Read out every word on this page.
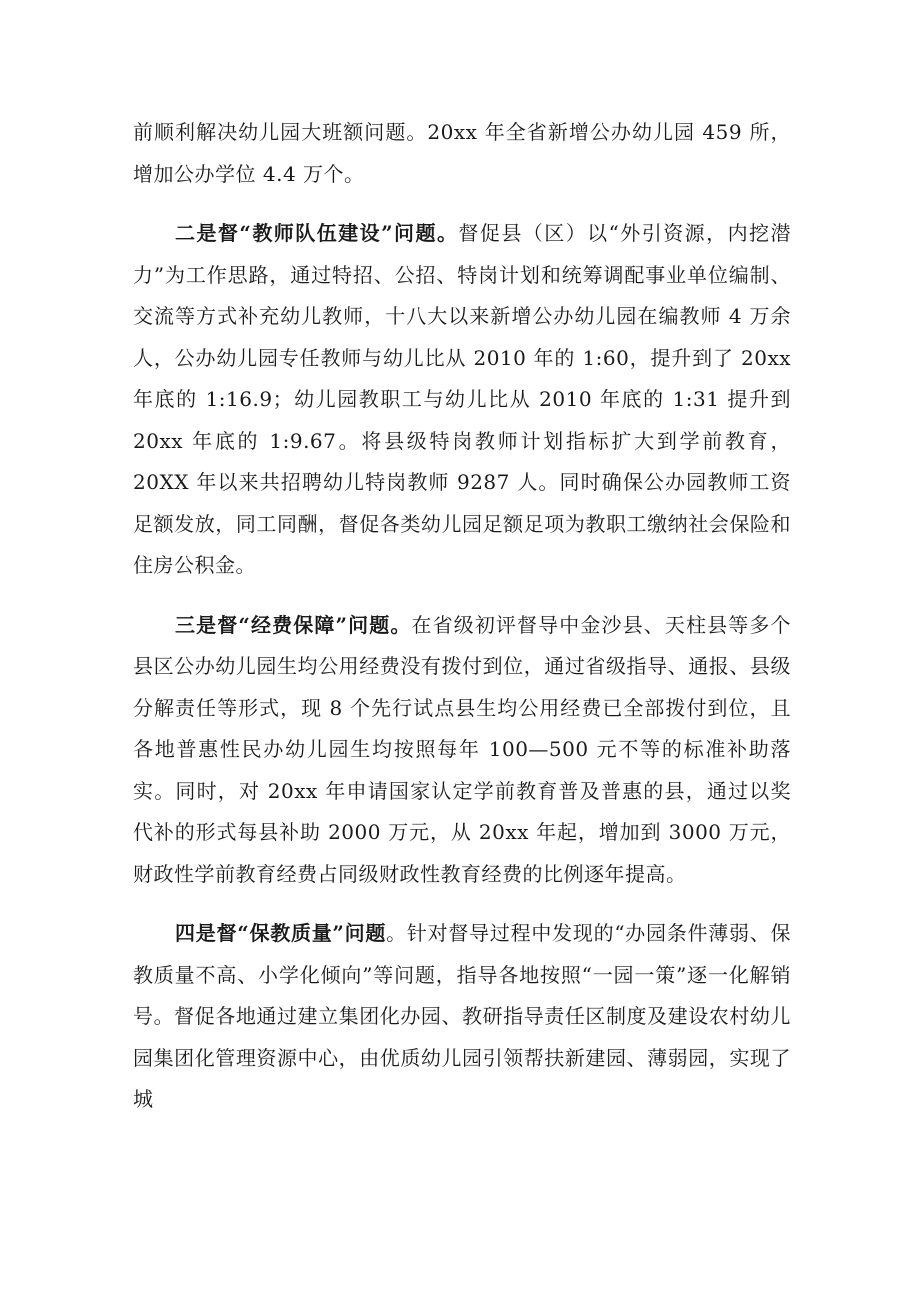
前顺利解决幼儿园大班额问题。20xx 年全省新增公办幼儿园 459 所，增加公办学位 4.4 万个。

二是督“教师队伍建设”问题。督促县（区）以“外引资源，内挖潜力”为工作思路，通过特招、公招、特岗计划和统筹调配事业单位编制、交流等方式补充幼儿教师，十八大以来新增公办幼儿园在编教师 4 万余人，公办幼儿园专任教师与幼儿比从 2010 年的 1:60，提升到了 20xx 年底的 1:16.9；幼儿园教职工与幼儿比从 2010 年底的 1:31 提升到 20xx 年底的 1:9.67。将县级特岗教师计划指标扩大到学前教育，20XX 年以来共招聘幼儿特岗教师 9287 人。同时确保公办园教师工资足额发放，同工同酬，督促各类幼儿园足额足项为教职工缴纳社会保险和住房公积金。

三是督“经费保障”问题。在省级初评督导中金沙县、天柱县等多个县区公办幼儿园生均公用经费没有拨付到位，通过省级指导、通报、县级分解责任等形式，现 8 个先行试点县生均公用经费已全部拨付到位，且各地普惠性民办幼儿园生均按照每年 100—500 元不等的标准补助落实。同时，对 20xx 年申请国家认定学前教育普及普惠的县，通过以奖代补的形式每县补助 2000 万元，从 20xx 年起，增加到 3000 万元，财政性学前教育经费占同级财政性教育经费的比例逐年提高。

四是督“保教质量”问题。针对督导过程中发现的“办园条件薄弱、保教质量不高、小学化倾向”等问题，指导各地按照“一园一策”逐一化解销号。督促各地通过建立集团化办园、教研指导责任区制度及建设农村幼儿园集团化管理资源中心，由优质幼儿园引领帮扶新建园、薄弱园，实现了城
